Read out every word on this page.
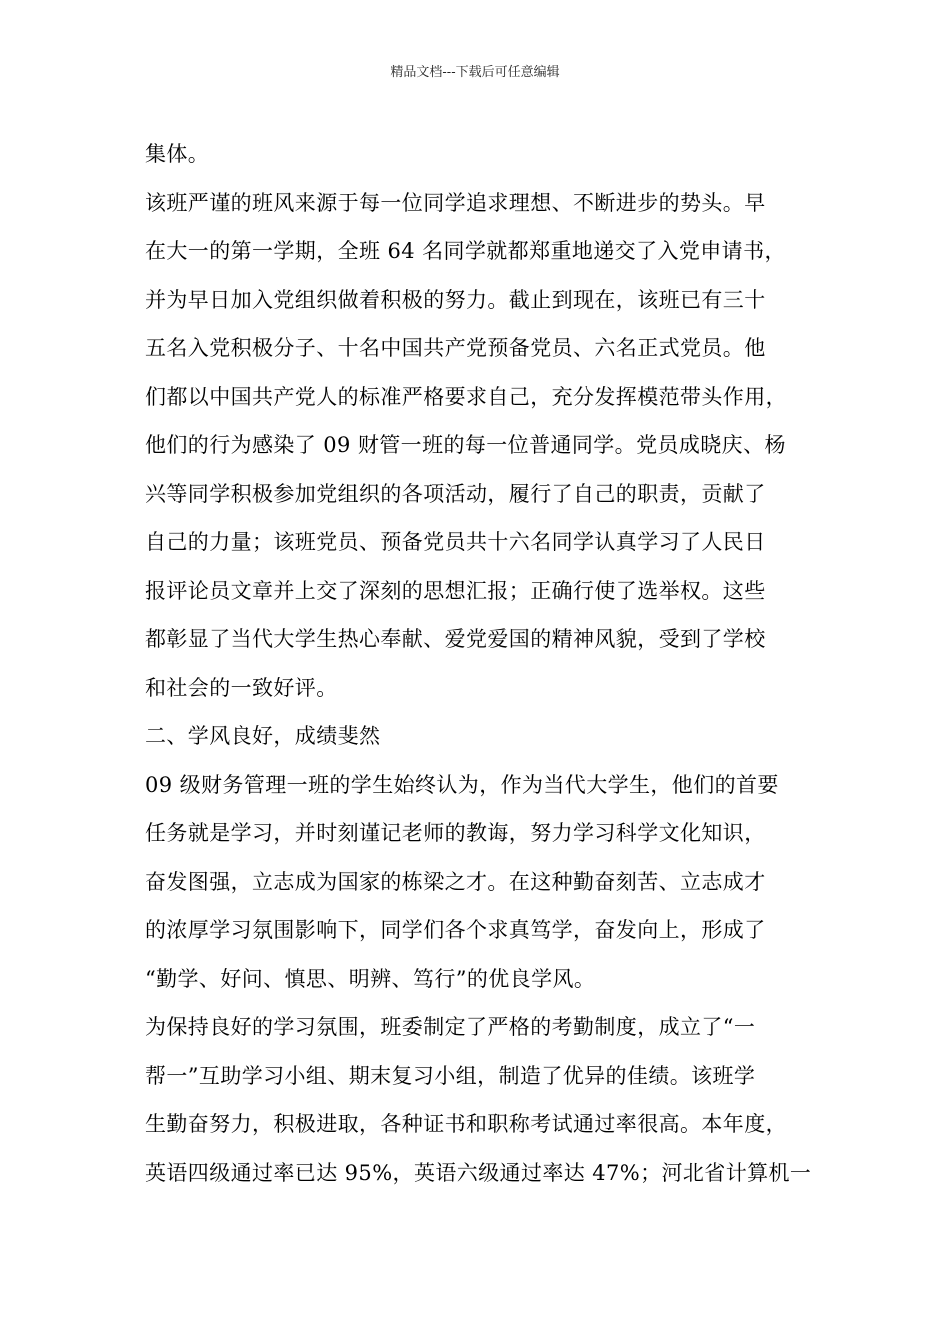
精品文档---下载后可任意编辑
集体。
该班严谨的班风来源于每一位同学追求理想、不断进步的势头。早
在大一的第一学期，全班 64 名同学就都郑重地递交了入党申请书，
并为早日加入党组织做着积极的努力。截止到现在，该班已有三十
五名入党积极分子、十名中国共产党预备党员、六名正式党员。他
们都以中国共产党人的标准严格要求自己，充分发挥模范带头作用，
他们的行为感染了 09 财管一班的每一位普通同学。党员成晓庆、杨
兴等同学积极参加党组织的各项活动，履行了自己的职责，贡献了
自己的力量；该班党员、预备党员共十六名同学认真学习了人民日
报评论员文章并上交了深刻的思想汇报；正确行使了选举权。这些
都彰显了当代大学生热心奉献、爱党爱国的精神风貌，受到了学校
和社会的一致好评。
二、学风良好，成绩斐然
09 级财务管理一班的学生始终认为，作为当代大学生，他们的首要
任务就是学习，并时刻谨记老师的教诲，努力学习科学文化知识，
奋发图强，立志成为国家的栋梁之才。在这种勤奋刻苦、立志成才
的浓厚学习氛围影响下，同学们各个求真笃学，奋发向上，形成了
“勤学、好问、慎思、明辨、笃行”的优良学风。
为保持良好的学习氛围，班委制定了严格的考勤制度，成立了“一
帮一”互助学习小组、期末复习小组，制造了优异的佳绩。该班学
生勤奋努力，积极进取，各种证书和职称考试通过率很高。本年度，
英语四级通过率已达 95%，英语六级通过率达 47%；河北省计算机一
